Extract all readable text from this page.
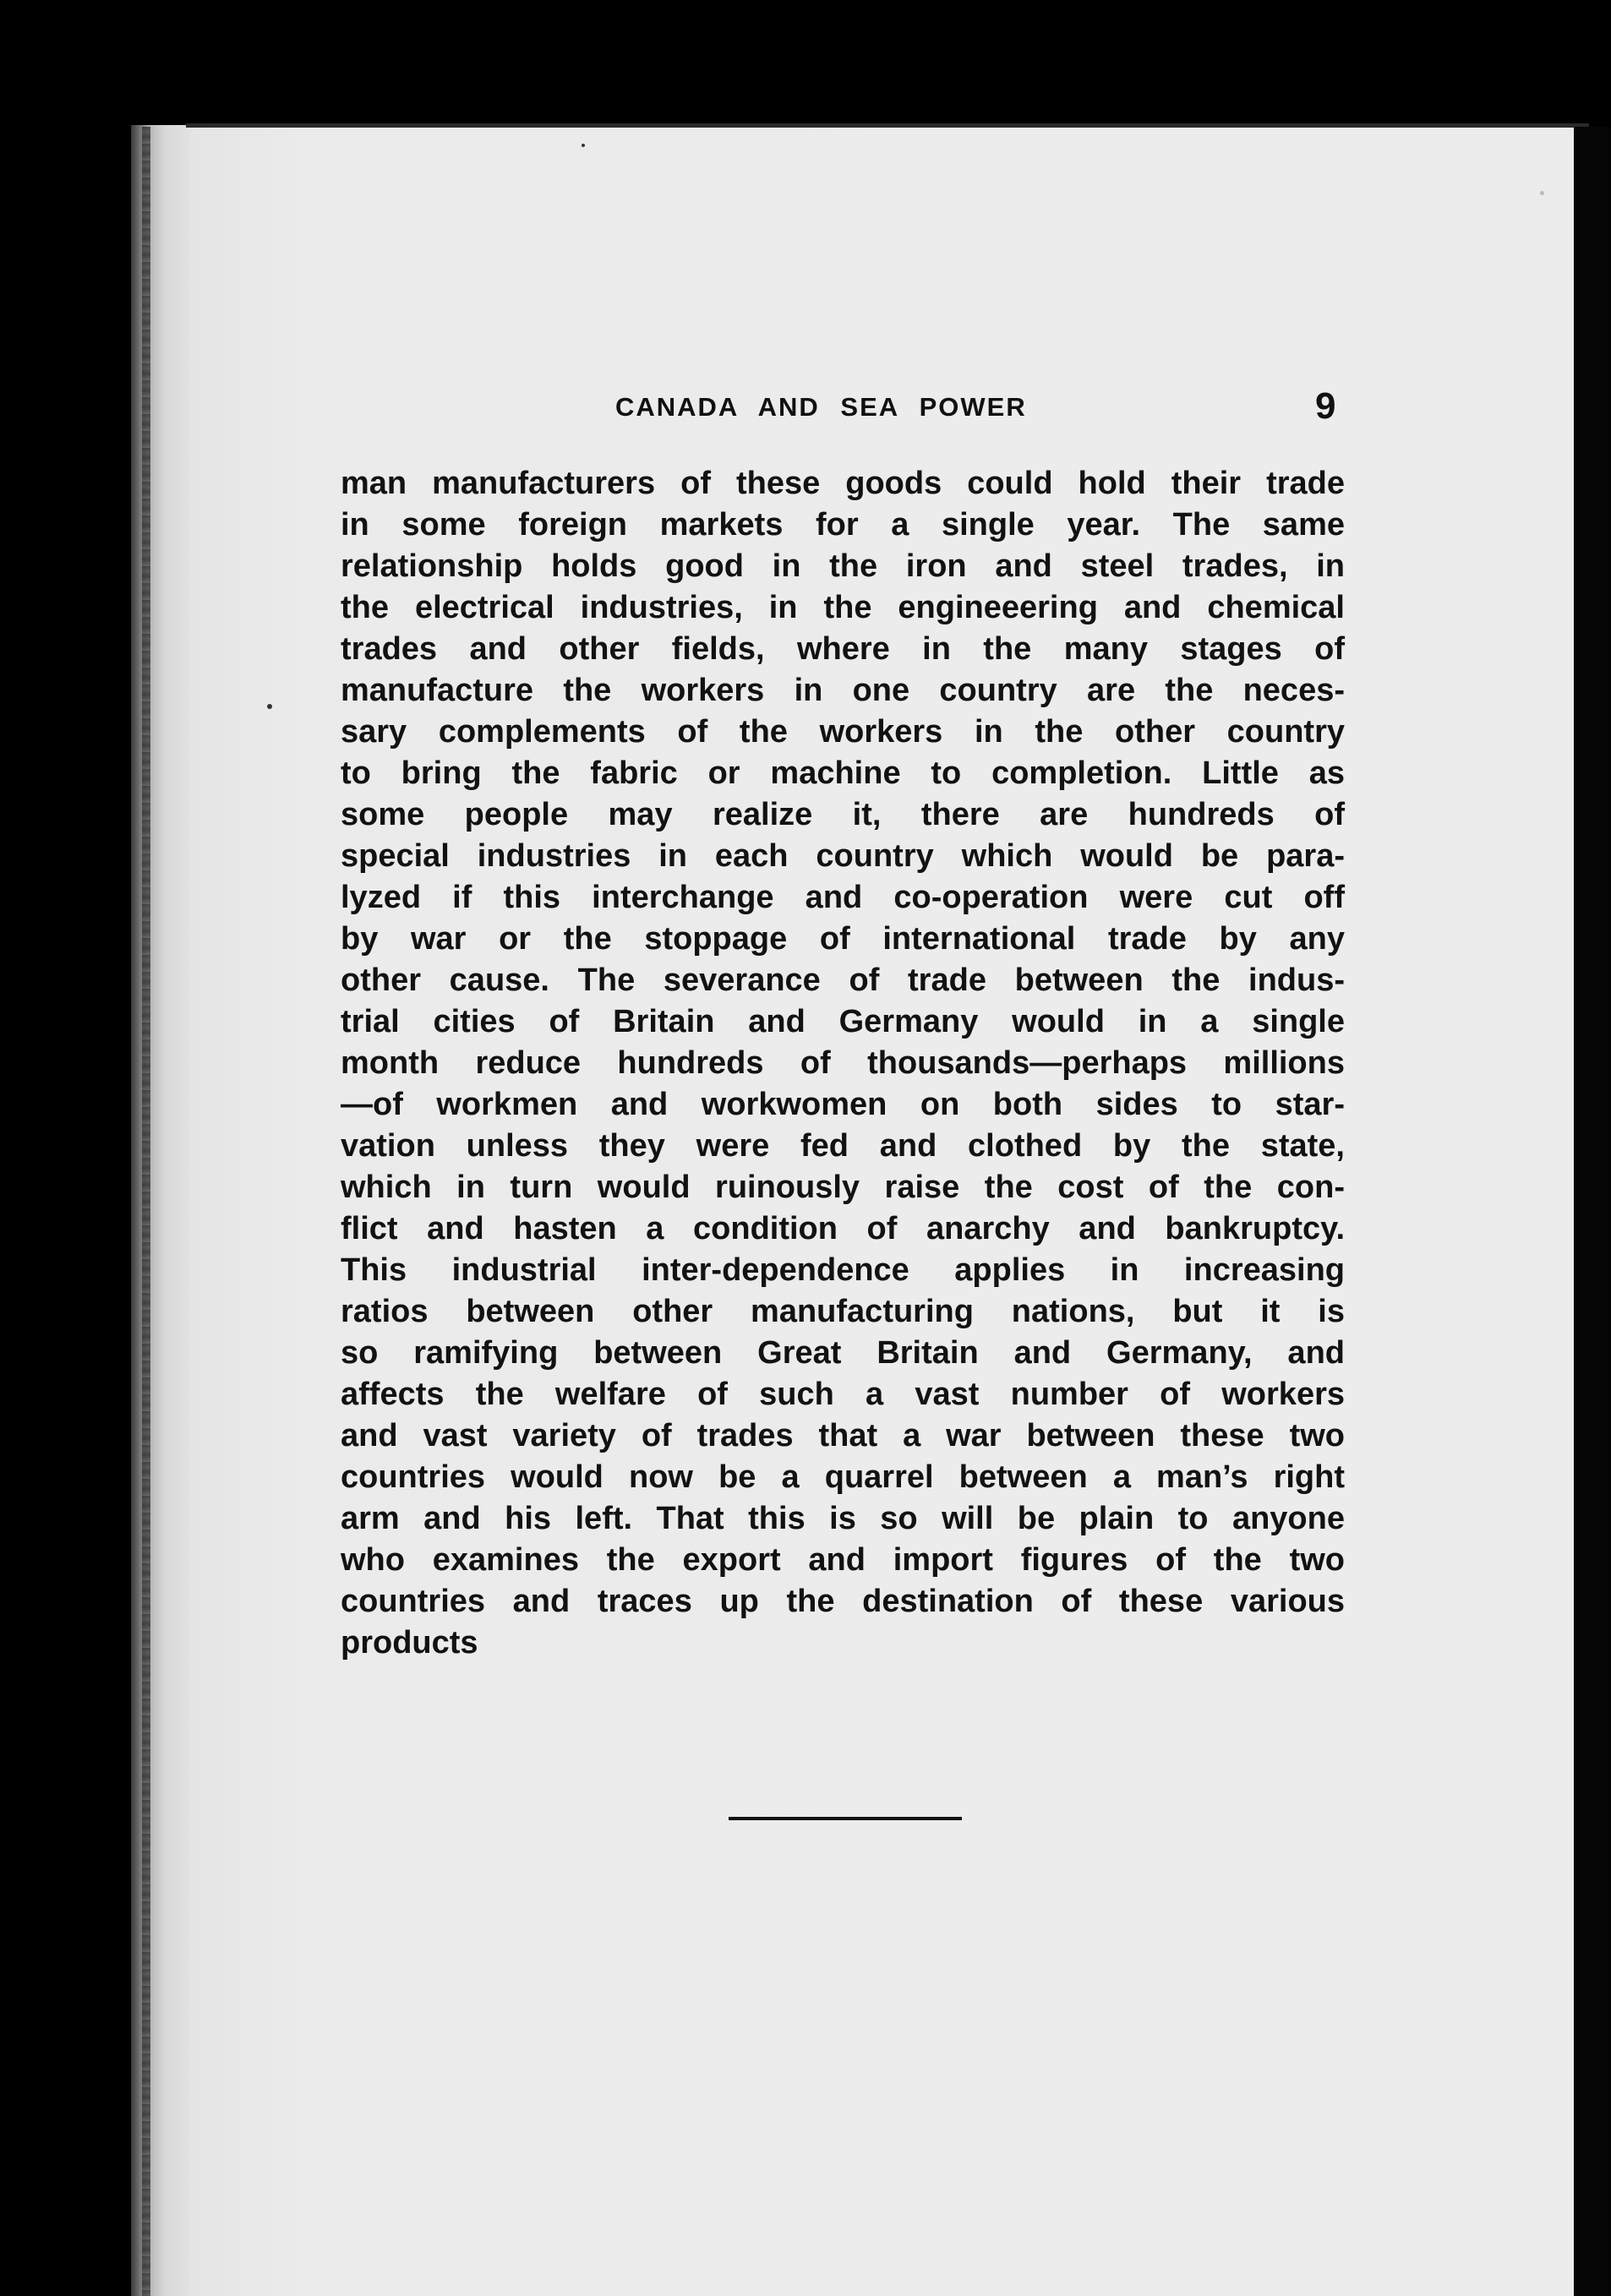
CANADA AND SEA POWER	9
man manufacturers of these goods could hold their trade
in some foreign markets for a single year. The same
relationship holds good in the iron and steel trades, in
the electrical industries, in the engineeering and chemical
trades and other fields, where in the many stages of
manufacture the workers in one country are the neces-
sary complements of the workers in the other country
to bring the fabric or machine to completion. Little as
some people may realize it, there are hundreds of
special industries in each country which would be para-
lyzed if this interchange and co-operation were cut off
by war or the stoppage of international trade by any
other cause. The severance of trade between the indus-
trial cities of Britain and Germany would in a single
month reduce hundreds of thousands—perhaps millions
—of workmen and workwomen on both sides to star-
vation unless they were fed and clothed by the state,
which in turn would ruinously raise the cost of the con-
flict and hasten a condition of anarchy and bankruptcy.
This industrial inter-dependence applies in increasing
ratios between other manufacturing nations, but it is
so ramifying between Great Britain and Germany, and
affects the welfare of such a vast number of workers
and vast variety of trades that a war between these two
countries would now be a quarrel between a man’s right
arm and his left. That this is so will be plain to anyone
who examines the export and import figures of the two
countries and traces up the destination of these various
products
